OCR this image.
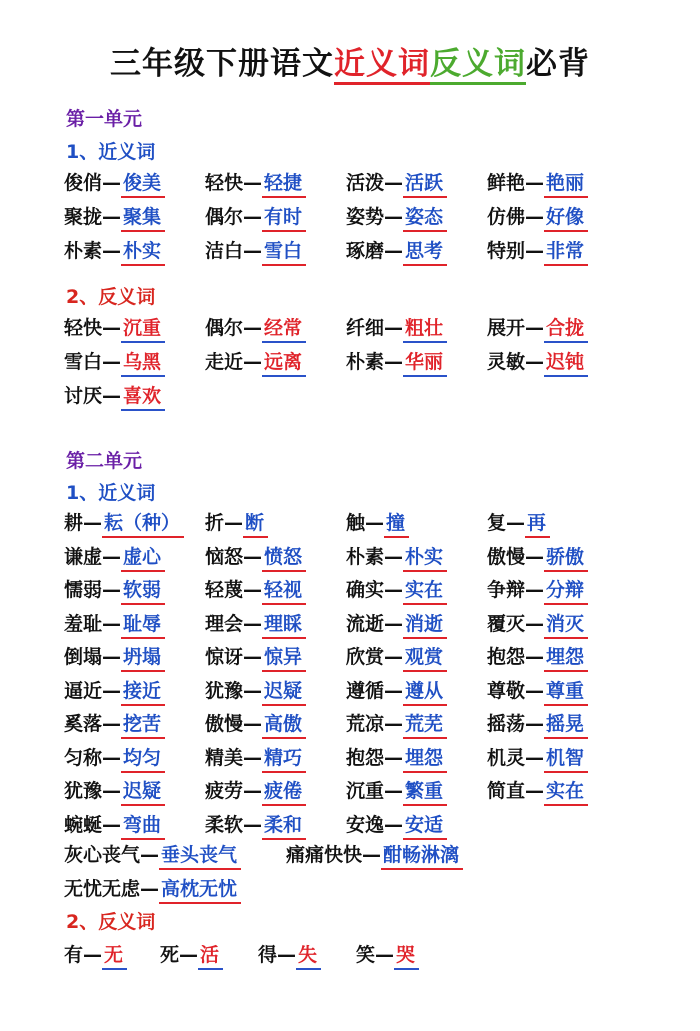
三年级下册语文近义词反义词必背
第一单元
1、近义词
俊俏— 俊美 轻快— 轻捷 活泼— 活跃 鲜艳— 艳丽
聚拢— 聚集 偶尔— 有时 姿势— 姿态 仿佛— 好像
朴素— 朴实 洁白— 雪白 琢磨— 思考 特别— 非常
2、反义词
轻快— 沉重 偶尔— 经常 纤细— 粗壮 展开— 合拢
雪白— 乌黑 走近— 远离 朴素— 华丽 灵敏— 迟钝
讨厌— 喜欢
第二单元
1、近义词
耕— 耘（种） 折— 断	触— 撞	复— 再
谦虚— 虚心 恼怒— 愤怒 朴素— 朴实 傲慢— 骄傲
懦弱— 软弱 轻蔑— 轻视 确实— 实在 争辩— 分辩
羞耻— 耻辱 理会— 理睬 流逝— 消逝 覆灭— 消灭
倒塌— 坍塌 惊讶— 惊异 欣赏— 观赏 抱怨— 埋怨
逼近— 接近 犹豫— 迟疑 遵循— 遵从 尊敬— 尊重
奚落— 挖苦 傲慢— 高傲 荒凉— 荒芜 摇荡— 摇晃
匀称— 均匀 精美— 精巧 抱怨— 埋怨 机灵— 机智
犹豫— 迟疑 疲劳— 疲倦 沉重— 繁重 简直— 实在
蜿蜒— 弯曲 柔软— 柔和 安逸— 安适
灰心丧气— 垂头丧气	痛痛快快— 酣畅淋漓
无忧无虑— 高枕无忧
2、反义词
有— 无 死— 活 得— 失 笑— 哭
